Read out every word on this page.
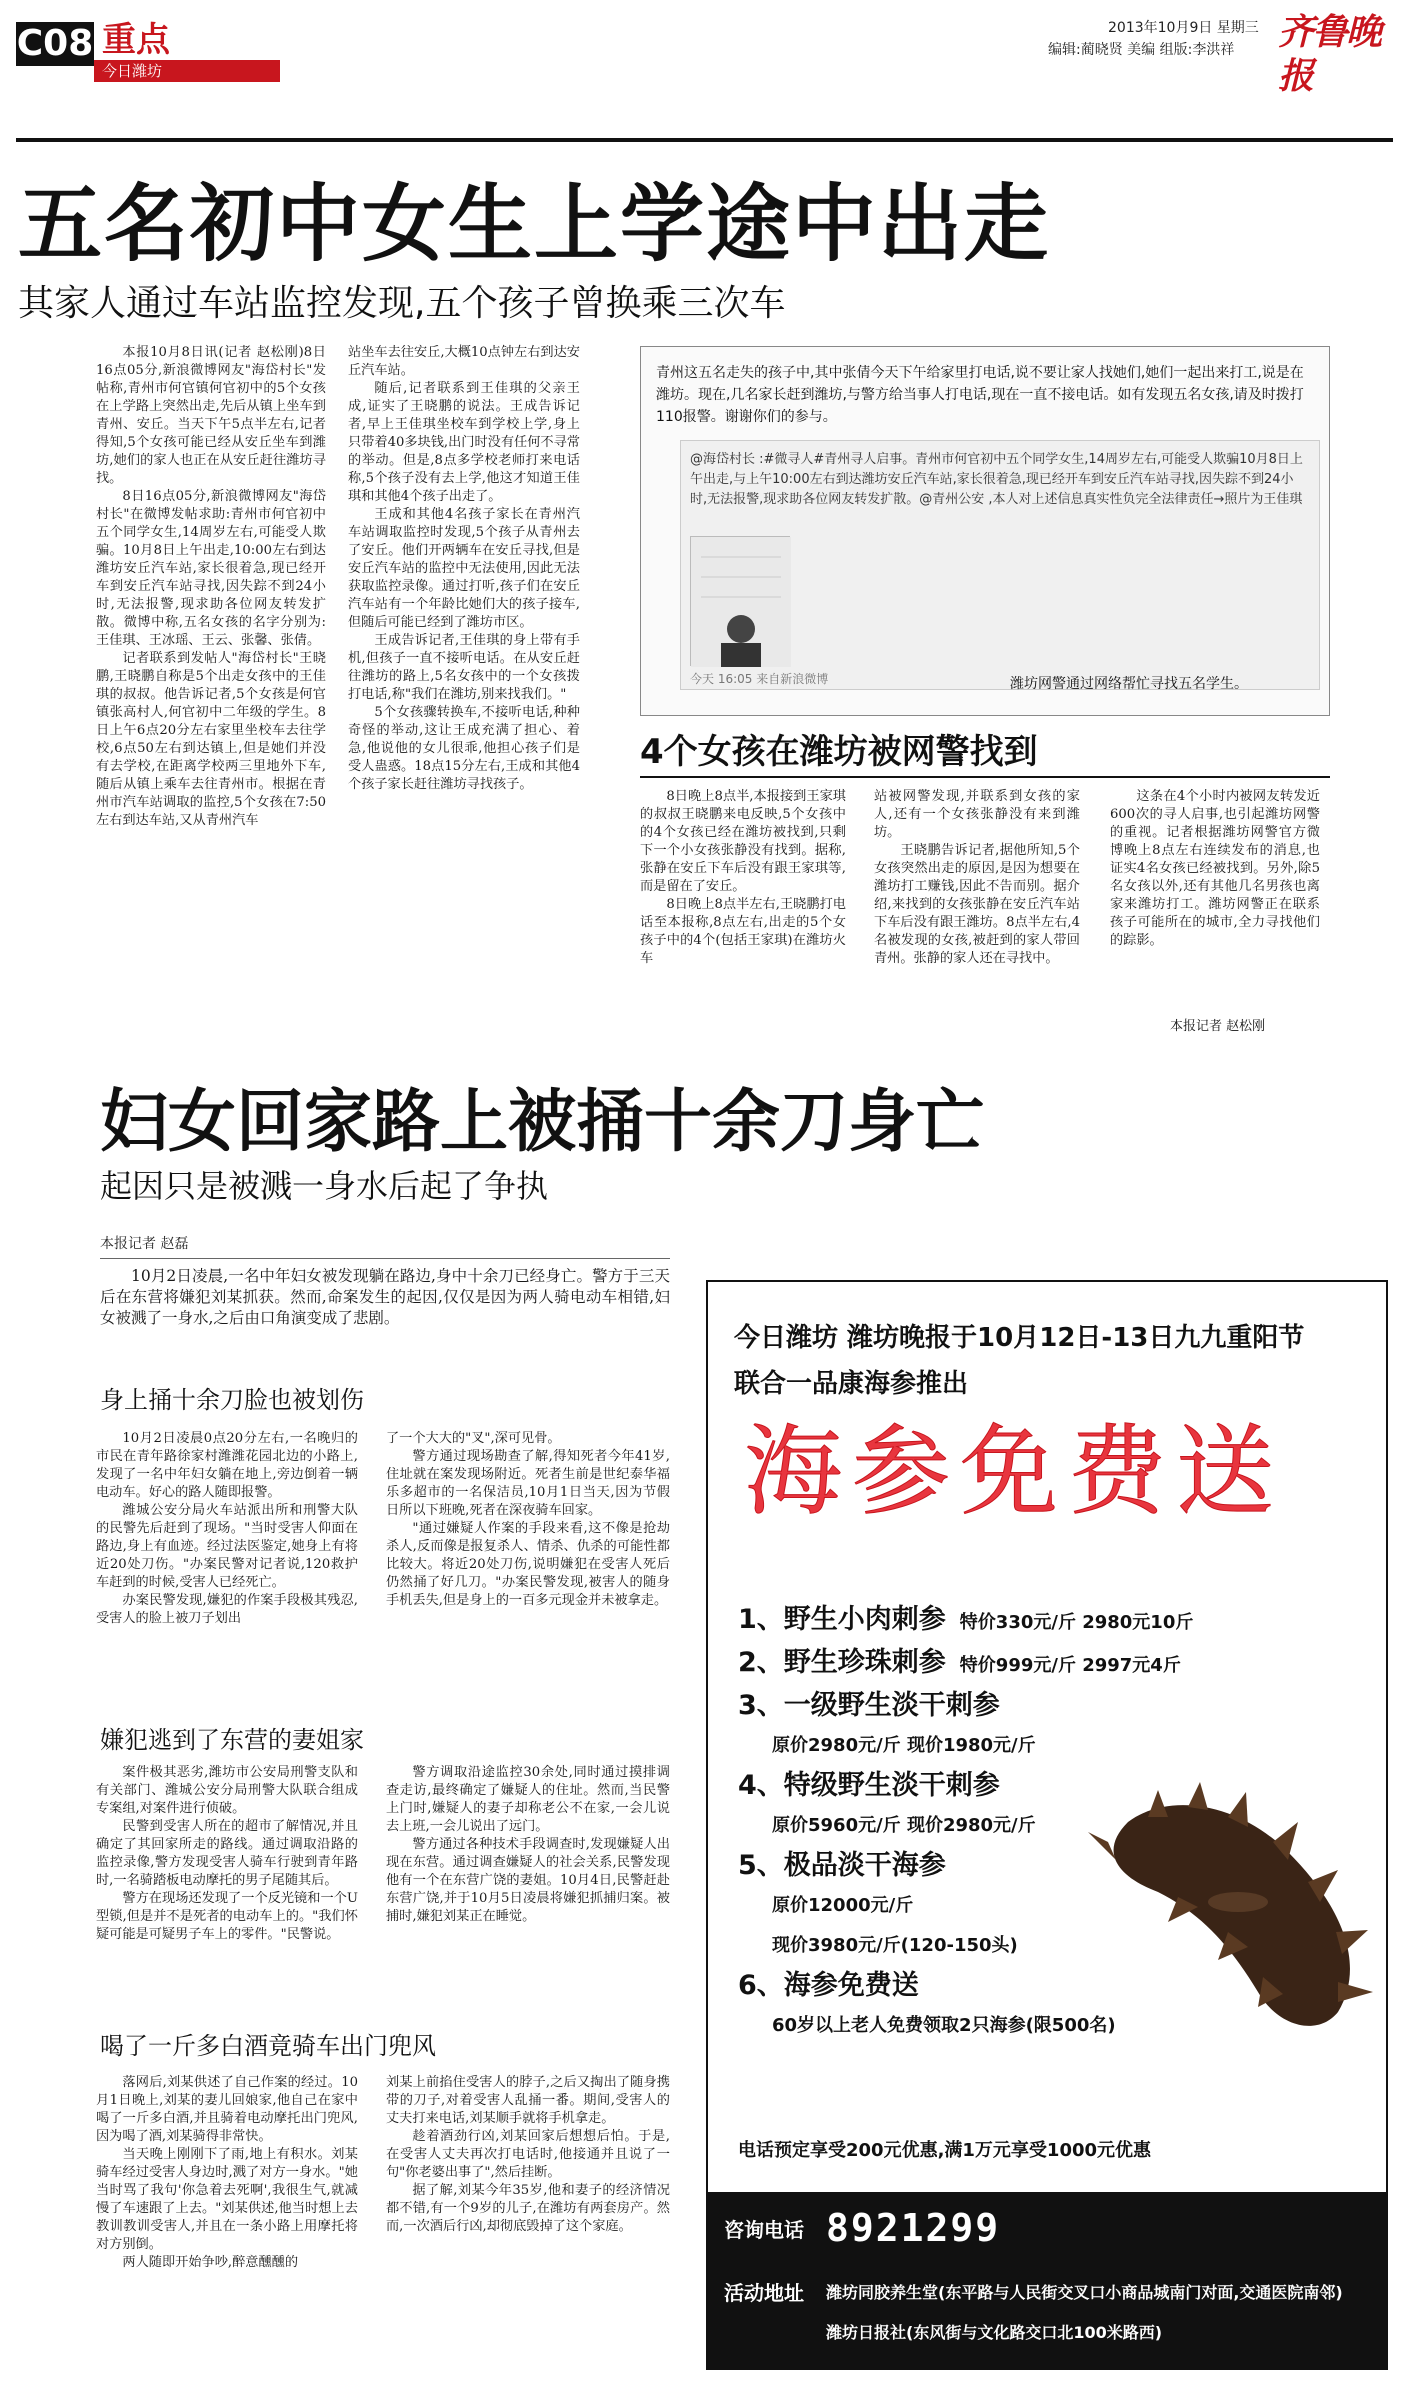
C08 重点
今日潍坊
2013年10月9日 星期三
编辑:蔺晓贤 美编 组版:李洪祥 齐鲁晚报
五名初中女生上学途中出走
其家人通过车站监控发现,五个孩子曾换乘三次车

本报10月8日讯(记者 赵松刚)8日16点05分,新浪微博网友"海岱村长"发帖称,青州市何官镇何官初中的5个女孩在上学路上突然出走,先后从镇上坐车到青州、安丘。当天下午5点半左右,记者得知,5个女孩可能已经从安丘坐车到潍坊,她们的家人也正在从安丘赶往潍坊寻找。

8日16点05分,新浪微博网友"海岱村长"在微博发帖求助:青州市何官初中五个同学女生,14周岁左右,可能受人欺骗。10月8日上午出走,10:00左右到达潍坊安丘汽车站,家长很着急,现已经开车到安丘汽车站寻找,因失踪不到24小时,无法报警,现求助各位网友转发扩散。微博中称,五名女孩的名字分别为:王佳琪、王冰瑶、王云、张馨、张倩。

记者联系到发帖人"海岱村长"王晓鹏,王晓鹏自称是5个出走女孩中的王佳琪的叔叔。他告诉记者,5个女孩是何官镇张高村人,何官初中二年级的学生。8日上午6点20分左右家里坐校车去往学校,6点50左右到达镇上,但是她们并没有去学校,在距离学校两三里地外下车,随后从镇上乘车去往青州市。根据在青州市汽车站调取的监控,5个女孩在7:50左右到达车站,又从青州汽车

站坐车去往安丘,大概10点钟左右到达安丘汽车站。

随后,记者联系到王佳琪的父亲王成,证实了王晓鹏的说法。王成告诉记者,早上王佳琪坐校车到学校上学,身上只带着40多块钱,出门时没有任何不寻常的举动。但是,8点多学校老师打来电话称,5个孩子没有去上学,他这才知道王佳琪和其他4个孩子出走了。

王成和其他4名孩子家长在青州汽车站调取监控时发现,5个孩子从青州去了安丘。他们开两辆车在安丘寻找,但是安丘汽车站的监控中无法使用,因此无法获取监控录像。通过打听,孩子们在安丘汽车站有一个年龄比她们大的孩子接车,但随后可能已经到了潍坊市区。

王成告诉记者,王佳琪的身上带有手机,但孩子一直不接听电话。在从安丘赶往潍坊的路上,5名女孩中的一个女孩拨打电话,称"我们在潍坊,别来找我们。"

5个女孩骤转换车,不接听电话,种种奇怪的举动,这让王成充满了担心、着急,他说他的女儿很乖,他担心孩子们是受人蛊惑。18点15分左右,王成和其他4个孩子家长赶往潍坊寻找孩子。

青州这五名走失的孩子中,其中张倩今天下午给家里打电话,说不要让家人找她们,她们一起出来打工,说是在潍坊。现在,几名家长赶到潍坊,与警方给当事人打电话,现在一直不接电话。如有发现五名女孩,请及时拨打110报警。谢谢你们的参与。
@海岱村长 :#微寻人#青州寻人启事。青州市何官初中五个同学女生,14周岁左右,可能受人欺骗10月8日上午出走,与上午10:00左右到达潍坊安丘汽车站,家长很着急,现已经开车到安丘汽车站寻找,因失踪不到24小时,无法报警,现求助各位网友转发扩散。@青州公安 ,本人对上述信息真实性负完全法律责任→照片为王佳琪
今天 16:05 来自新浪微博	潍坊网警通过网络帮忙寻找五名学生。
4个女孩在潍坊被网警找到

8日晚上8点半,本报接到王家琪的叔叔王晓鹏来电反映,5个女孩中的4个女孩已经在潍坊被找到,只剩下一个小女孩张静没有找到。据称,张静在安丘下车后没有跟王家琪等,而是留在了安丘。

8日晚上8点半左右,王晓鹏打电话至本报称,8点左右,出走的5个女孩子中的4个(包括王家琪)在潍坊火车

站被网警发现,并联系到女孩的家人,还有一个女孩张静没有来到潍坊。

王晓鹏告诉记者,据他所知,5个女孩突然出走的原因,是因为想要在潍坊打工赚钱,因此不告而别。据介绍,来找到的女孩张静在安丘汽车站下车后没有跟王潍坊。8点半左右,4名被发现的女孩,被赶到的家人带回青州。张静的家人还在寻找中。

这条在4个小时内被网友转发近600次的寻人启事,也引起潍坊网警的重视。记者根据潍坊网警官方微博晚上8点左右连续发布的消息,也证实4名女孩已经被找到。另外,除5名女孩以外,还有其他几名男孩也离家来潍坊打工。潍坊网警正在联系孩子可能所在的城市,全力寻找他们的踪影。

本报记者 赵松刚
妇女回家路上被捅十余刀身亡
起因只是被溅一身水后起了争执
本报记者 赵磊

10月2日凌晨,一名中年妇女被发现躺在路边,身中十余刀已经身亡。警方于三天后在东营将嫌犯刘某抓获。然而,命案发生的起因,仅仅是因为两人骑电动车相错,妇女被溅了一身水,之后由口角演变成了悲剧。

身上捅十余刀脸也被划伤

10月2日凌晨0点20分左右,一名晚归的市民在青年路徐家村潍潍花园北边的小路上,发现了一名中年妇女躺在地上,旁边倒着一辆电动车。好心的路人随即报警。

潍城公安分局火车站派出所和刑警大队的民警先后赶到了现场。"当时受害人仰面在路边,身上有血迹。经过法医鉴定,她身上有将近20处刀伤。"办案民警对记者说,120救护车赶到的时候,受害人已经死亡。

办案民警发现,嫌犯的作案手段极其残忍,受害人的脸上被刀子划出

了一个大大的"叉",深可见骨。

警方通过现场勘查了解,得知死者今年41岁,住址就在案发现场附近。死者生前是世纪泰华福乐多超市的一名保洁员,10月1日当天,因为节假日所以下班晚,死者在深夜骑车回家。

"通过嫌疑人作案的手段来看,这不像是抢劫杀人,反而像是报复杀人、情杀、仇杀的可能性都比较大。将近20处刀伤,说明嫌犯在受害人死后仍然捅了好几刀。"办案民警发现,被害人的随身手机丢失,但是身上的一百多元现金并未被拿走。

嫌犯逃到了东营的妻姐家

案件极其恶劣,潍坊市公安局刑警支队和有关部门、潍城公安分局刑警大队联合组成专案组,对案件进行侦破。

民警到受害人所在的超市了解情况,并且确定了其回家所走的路线。通过调取沿路的监控录像,警方发现受害人骑车行驶到青年路时,一名骑踏板电动摩托的男子尾随其后。

警方在现场还发现了一个反光镜和一个U型锁,但是并不是死者的电动车上的。"我们怀疑可能是可疑男子车上的零件。"民警说。

警方调取沿途监控30余处,同时通过摸排调查走访,最终确定了嫌疑人的住址。然而,当民警上门时,嫌疑人的妻子却称老公不在家,一会儿说去上班,一会儿说出了远门。

警方通过各种技术手段调查时,发现嫌疑人出现在东营。通过调查嫌疑人的社会关系,民警发现他有一个在东营广饶的妻姐。10月4日,民警赶赴东营广饶,并于10月5日凌晨将嫌犯抓捕归案。被捕时,嫌犯刘某正在睡觉。

喝了一斤多白酒竟骑车出门兜风

落网后,刘某供述了自己作案的经过。10月1日晚上,刘某的妻儿回娘家,他自己在家中喝了一斤多白酒,并且骑着电动摩托出门兜风,因为喝了酒,刘某骑得非常快。

当天晚上刚刚下了雨,地上有积水。刘某骑车经过受害人身边时,溅了对方一身水。"她当时骂了我句'你急着去死啊',我很生气,就减慢了车速跟了上去。"刘某供述,他当时想上去教训教训受害人,并且在一条小路上用摩托将对方别倒。

两人随即开始争吵,醉意醺醺的

刘某上前掐住受害人的脖子,之后又掏出了随身携带的刀子,对着受害人乱捅一番。期间,受害人的丈夫打来电话,刘某顺手就将手机拿走。

趁着酒劲行凶,刘某回家后想想后怕。于是,在受害人丈夫再次打电话时,他接通并且说了一句"你老婆出事了",然后挂断。

据了解,刘某今年35岁,他和妻子的经济情况都不错,有一个9岁的儿子,在潍坊有两套房产。然而,一次酒后行凶,却彻底毁掉了这个家庭。

今日潍坊 潍坊晚报于10月12日-13日九九重阳节
联合一品康海参推出
海参免费送
1、野生小肉刺参 特价330元/斤 2980元10斤
2、野生珍珠刺参 特价999元/斤 2997元4斤
3、一级野生淡干刺参
原价2980元/斤 现价1980元/斤
4、特级野生淡干刺参
原价5960元/斤 现价2980元/斤
5、极品淡干海参
原价12000元/斤
现价3980元/斤(120-150头)
6、海参免费送
60岁以上老人免费领取2只海参(限500名)
电话预定享受200元优惠,满1万元享受1000元优惠
咨询电话 8921299
活动地址 潍坊同胶养生堂(东平路与人民街交叉口小商品城南门对面,交通医院南邻)
潍坊日报社(东风街与文化路交口北100米路西)
